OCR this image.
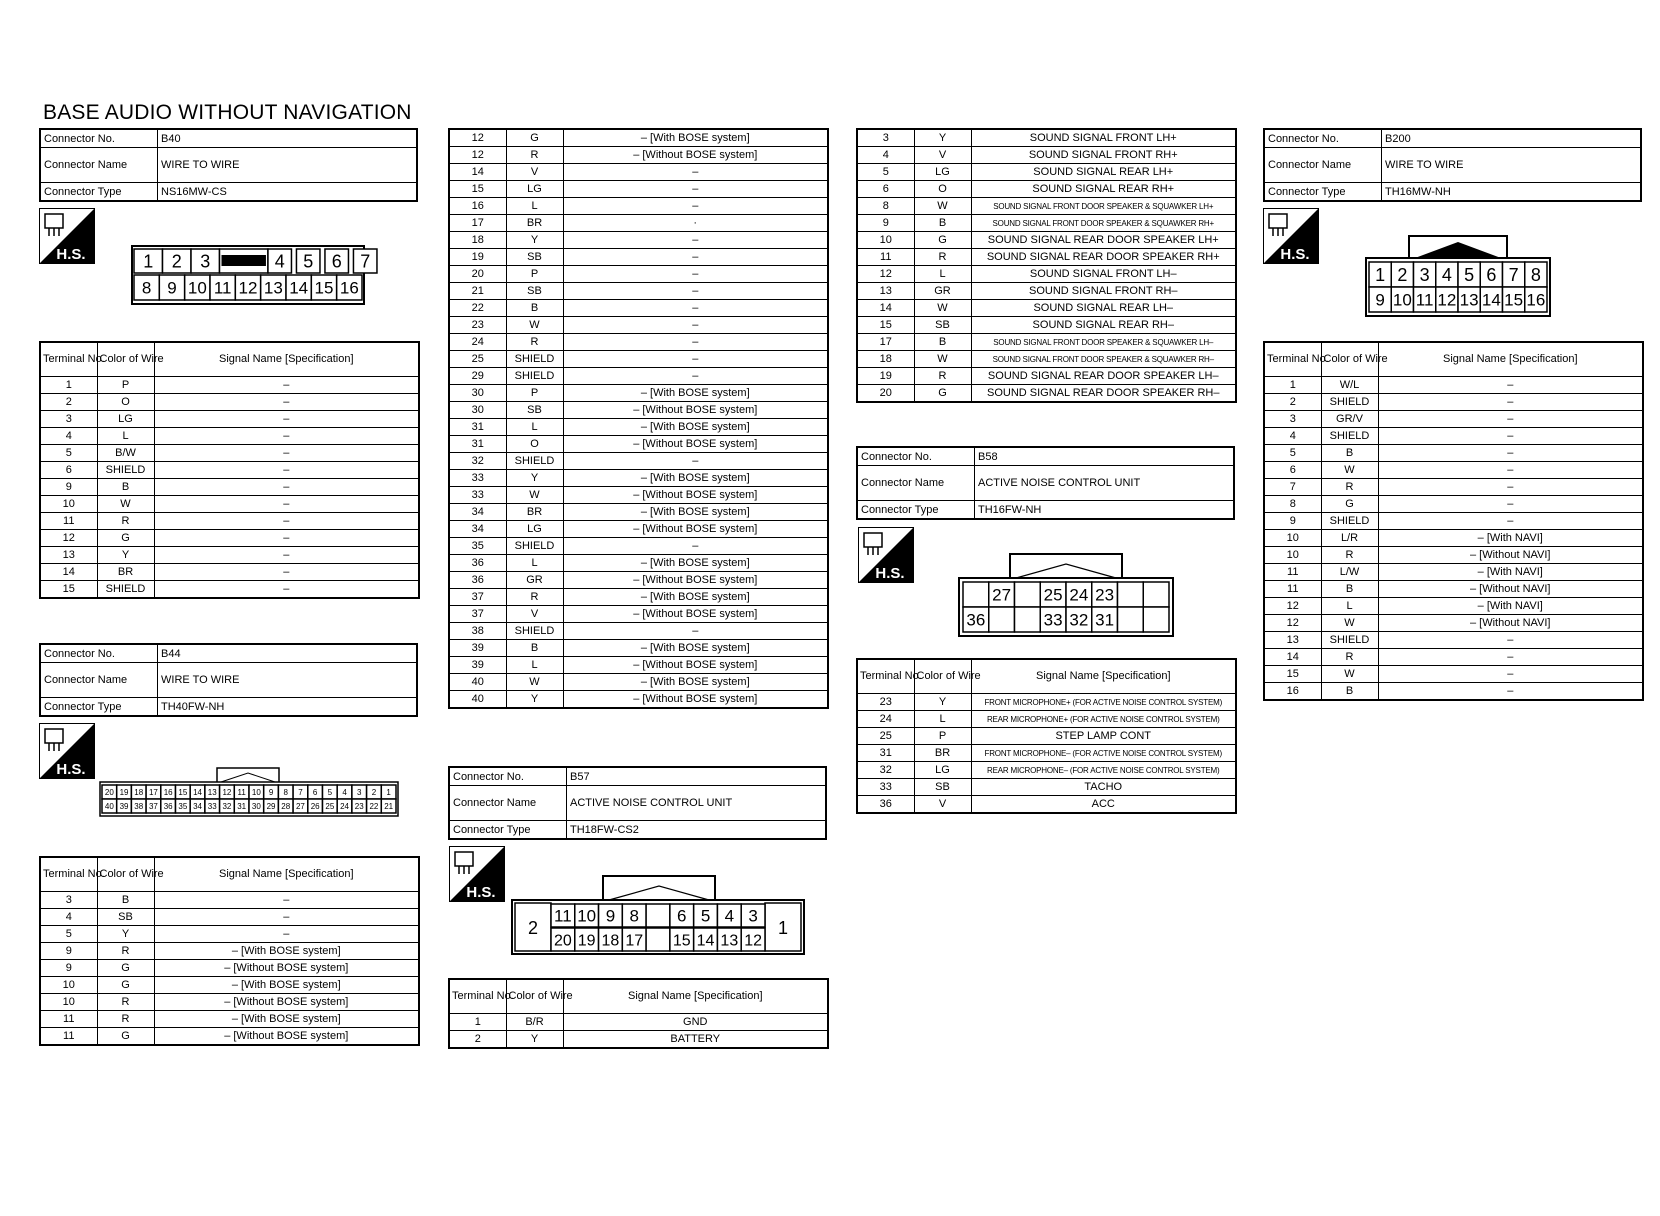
BASE AUDIO WITHOUT NAVIGATION
Connector No.	B40
Connector Name	WIRE TO WIRE
Connector Type	NS16MW-CS
H.S.	1 2 3	4 5 6 7
8 9 10 11 12 13 14 15 16
Terminal No.	Color of Wire	Signal Name [Specification]
1	P	–
2	O	–
3	LG	–
4	L	–
5	B/W	–
6	SHIELD	–
9	B	–
10	W	–
11	R	–
12	G	–
13	Y	–
14	BR	–
15	SHIELD	–
Connector No.	B44
Connector Name	WIRE TO WIRE
Connector Type	TH40FW-NH
H.S.
20 19 18 17 16 15 14 13 12 11 10 9 8 7 6 5 4 3 2 1
40 39 38 37 36 35 34 33 32 31 30 29 28 27 26 25 24 23 22 21
Terminal No.	Color of Wire	Signal Name [Specification]
3	B	–
4	SB	–
5	Y	–
9	R	– [With BOSE system]
9	G	– [Without BOSE system]
10	G	– [With BOSE system]
10	R	– [Without BOSE system]
11	R	– [With BOSE system]
11	G	– [Without BOSE system]
12	G	– [With BOSE system]
12	R	– [Without BOSE system]
14	V	–
15	LG	–
16	L	–
17	BR	·
18	Y	–
19	SB	–
20	P	–
21	SB	–
22	B	–
23	W	–
24	R	–
25	SHIELD	–
29	SHIELD	–
30	P	– [With BOSE system]
30	SB	– [Without BOSE system]
31	L	– [With BOSE system]
31	O	– [Without BOSE system]
32	SHIELD	–
33	Y	– [With BOSE system]
33	W	– [Without BOSE system]
34	BR	– [With BOSE system]
34	LG	– [Without BOSE system]
35	SHIELD	–
36	L	– [With BOSE system]
36	GR	– [Without BOSE system]
37	R	– [With BOSE system]
37	V	– [Without BOSE system]
38	SHIELD	–
39	B	– [With BOSE system]
39	L	– [Without BOSE system]
40	W	– [With BOSE system]
40	Y	– [Without BOSE system]
Connector No.	B57
Connector Name	ACTIVE NOISE CONTROL UNIT
Connector Type	TH18FW-CS2
H.S.
2	1
11 10 9 8 6 5 4 3
20 19 18 17 15 14 13 12
Terminal No.	Color of Wire	Signal Name [Specification]
1	B/R	GND
2	Y	BATTERY
3	Y	SOUND SIGNAL FRONT LH+
4	V	SOUND SIGNAL FRONT RH+
5	LG	SOUND SIGNAL REAR LH+
6	O	SOUND SIGNAL REAR RH+
8	W	SOUND SIGNAL FRONT DOOR SPEAKER & SQUAWKER LH+
9	B	SOUND SIGNAL FRONT DOOR SPEAKER & SQUAWKER RH+
10	G	SOUND SIGNAL REAR DOOR SPEAKER LH+
11	R	SOUND SIGNAL REAR DOOR SPEAKER RH+
12	L	SOUND SIGNAL FRONT LH–
13	GR	SOUND SIGNAL FRONT RH–
14	W	SOUND SIGNAL REAR LH–
15	SB	SOUND SIGNAL REAR RH–
17	B	SOUND SIGNAL FRONT DOOR SPEAKER & SQUAWKER LH–
18	W	SOUND SIGNAL FRONT DOOR SPEAKER & SQUAWKER RH–
19	R	SOUND SIGNAL REAR DOOR SPEAKER LH–
20	G	SOUND SIGNAL REAR DOOR SPEAKER RH–
Connector No.	B58
Connector Name	ACTIVE NOISE CONTROL UNIT
Connector Type	TH16FW-NH
H.S.
27 25 24 23
36	33 32 31
Terminal No.	Color of Wire	Signal Name [Specification]
23	Y	FRONT MICROPHONE+ (FOR ACTIVE NOISE CONTROL SYSTEM)
24	L	REAR MICROPHONE+ (FOR ACTIVE NOISE CONTROL SYSTEM)
25	P	STEP LAMP CONT
31	BR	FRONT MICROPHONE– (FOR ACTIVE NOISE CONTROL SYSTEM)
32	LG	REAR MICROPHONE– (FOR ACTIVE NOISE CONTROL SYSTEM)
33	SB	TACHO
36	V	ACC
Connector No.	B200
Connector Name	WIRE TO WIRE
Connector Type	TH16MW-NH
H.S.
1 2 3 4 5 6 7 8
9 10 11 12 13 14 15 16
Terminal No.	Color of Wire	Signal Name [Specification]
1	W/L	–
2	SHIELD	–
3	GR/V	–
4	SHIELD	–
5	B	–
6	W	–
7	R	–
8	G	–
9	SHIELD	–
10	L/R	– [With NAVI]
10	R	– [Without NAVI]
11	L/W	– [With NAVI]
11	B	– [Without NAVI]
12	L	– [With NAVI]
12	W	– [Without NAVI]
13	SHIELD	–
14	R	–
15	W	–
16	B	–
